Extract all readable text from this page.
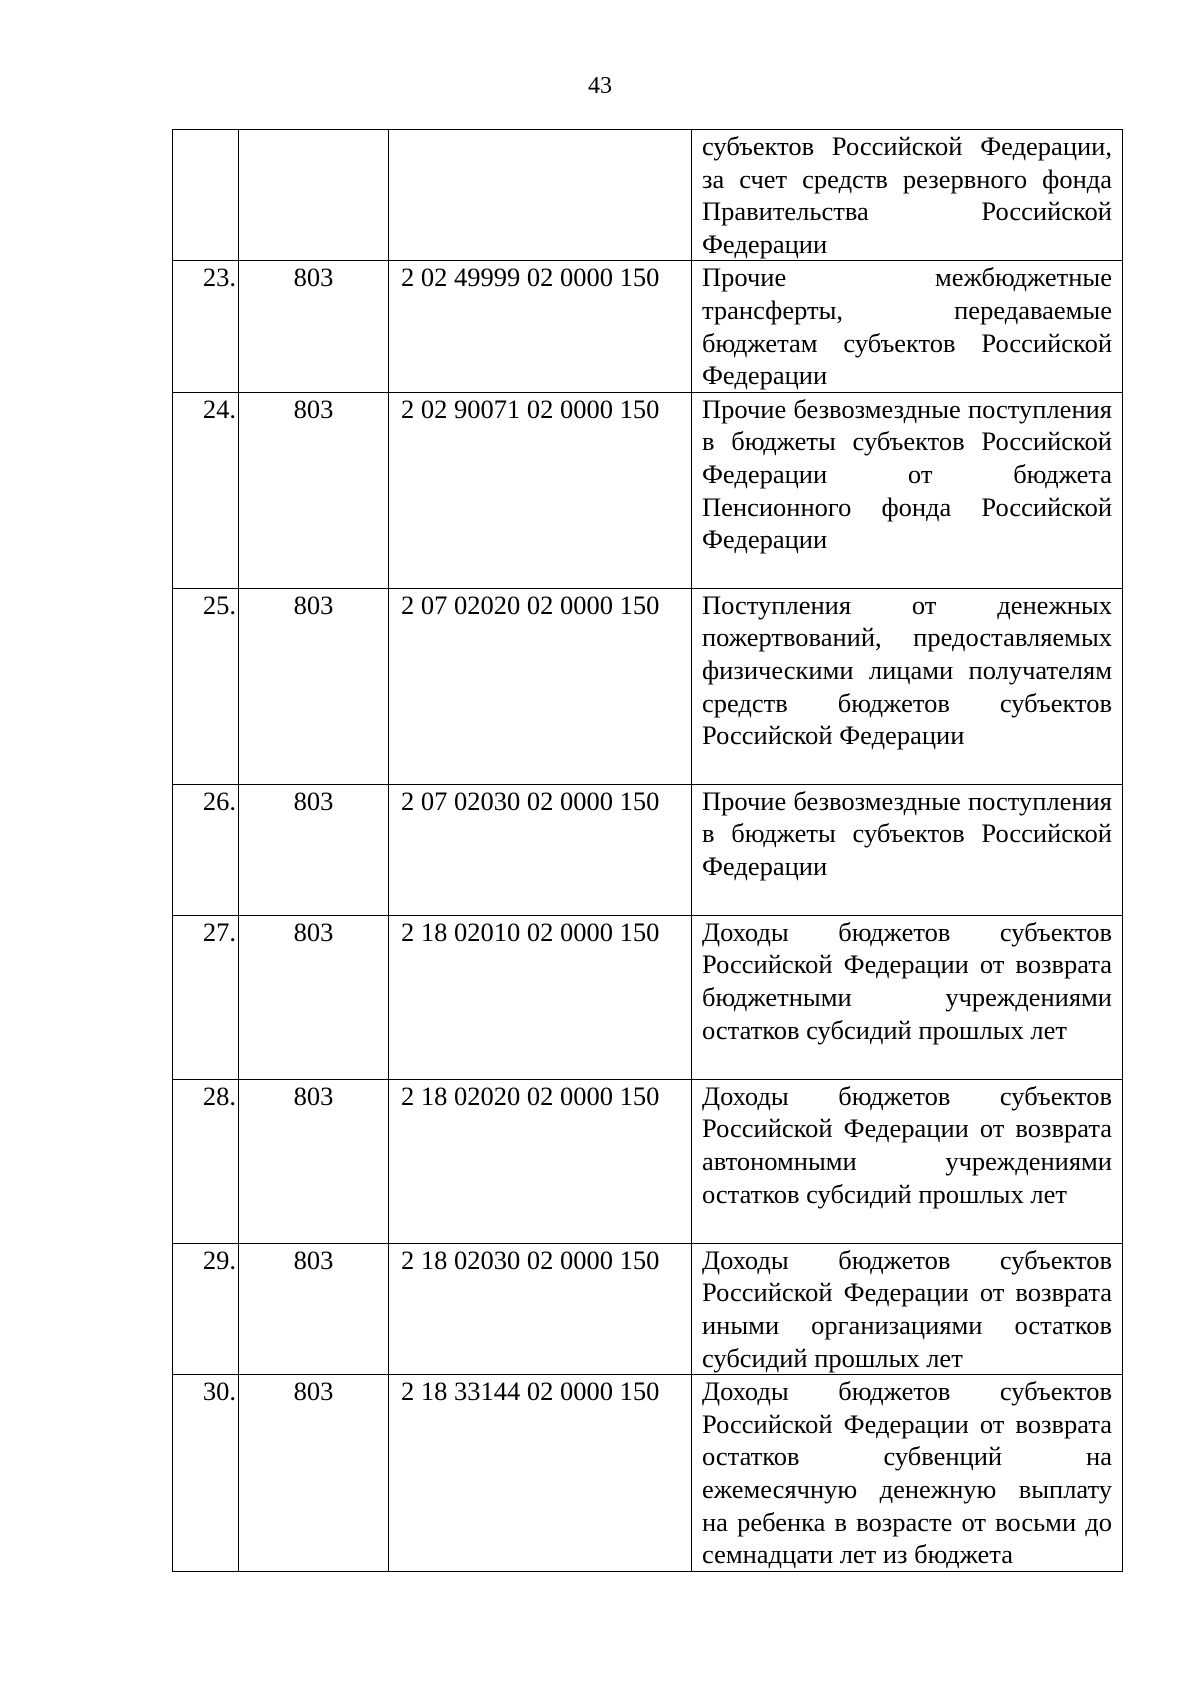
43
			субъектов Российской Федерации, за счет средств резервного фонда Правительства Российской Федерации
23.	803	2 02 49999 02 0000 150	Прочие межбюджетные трансферты, передаваемые бюджетам субъектов Российской Федерации
24.	803	2 02 90071 02 0000 150	Прочие безвозмездные поступления в бюджеты субъектов Российской Федерации от бюджета Пенсионного фонда Российской Федерации
25.	803	2 07 02020 02 0000 150	Поступления от денежных пожертвований, предоставляемых физическими лицами получателям средств бюджетов субъектов Российской Федерации
26.	803	2 07 02030 02 0000 150	Прочие безвозмездные поступления в бюджеты субъектов Российской Федерации
27.	803	2 18 02010 02 0000 150	Доходы бюджетов субъектов Российской Федерации от возврата бюджетными учреждениями остатков субсидий прошлых лет
28.	803	2 18 02020 02 0000 150	Доходы бюджетов субъектов Российской Федерации от возврата автономными учреждениями остатков субсидий прошлых лет
29.	803	2 18 02030 02 0000 150	Доходы бюджетов субъектов Российской Федерации от возврата иными организациями остатков субсидий прошлых лет
30.	803	2 18 33144 02 0000 150	Доходы бюджетов субъектов Российской Федерации от возврата остатков субвенций на ежемесячную денежную выплату на ребенка в возрасте от восьми до семнадцати лет из бюджета
